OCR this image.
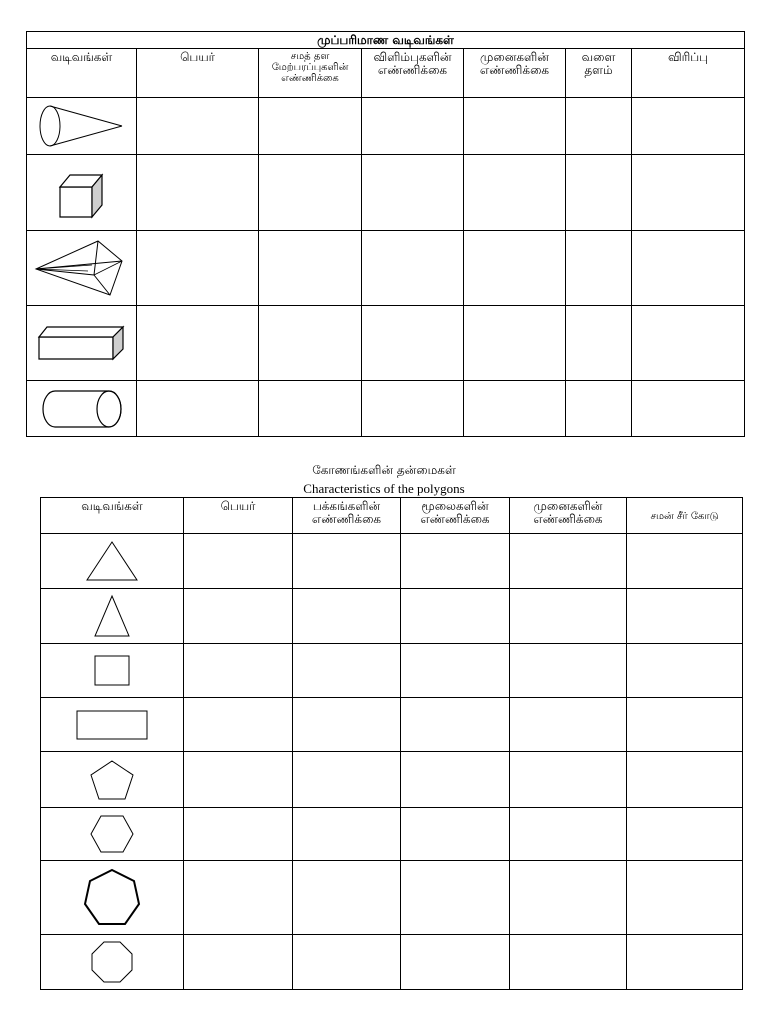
முப்பரிமாண வடிவங்கள்						
வடிவங்கள்	பெயர்	சமத் தள மேற்பரப்புகளின் எண்ணிக்கை	விளிம்புகளின் எண்ணிக்கை	முனைகளின் எண்ணிக்கை	வளை தளம்	விரிப்பு

கோணங்களின் தன்மைகள்
Characteristics of the polygons
வடிவங்கள்	பெயர்	பக்கங்களின் எண்ணிக்கை	மூலைகளின் எண்ணிக்கை	முனைகளின் எண்ணிக்கை	சமன் சீர் கோடு
